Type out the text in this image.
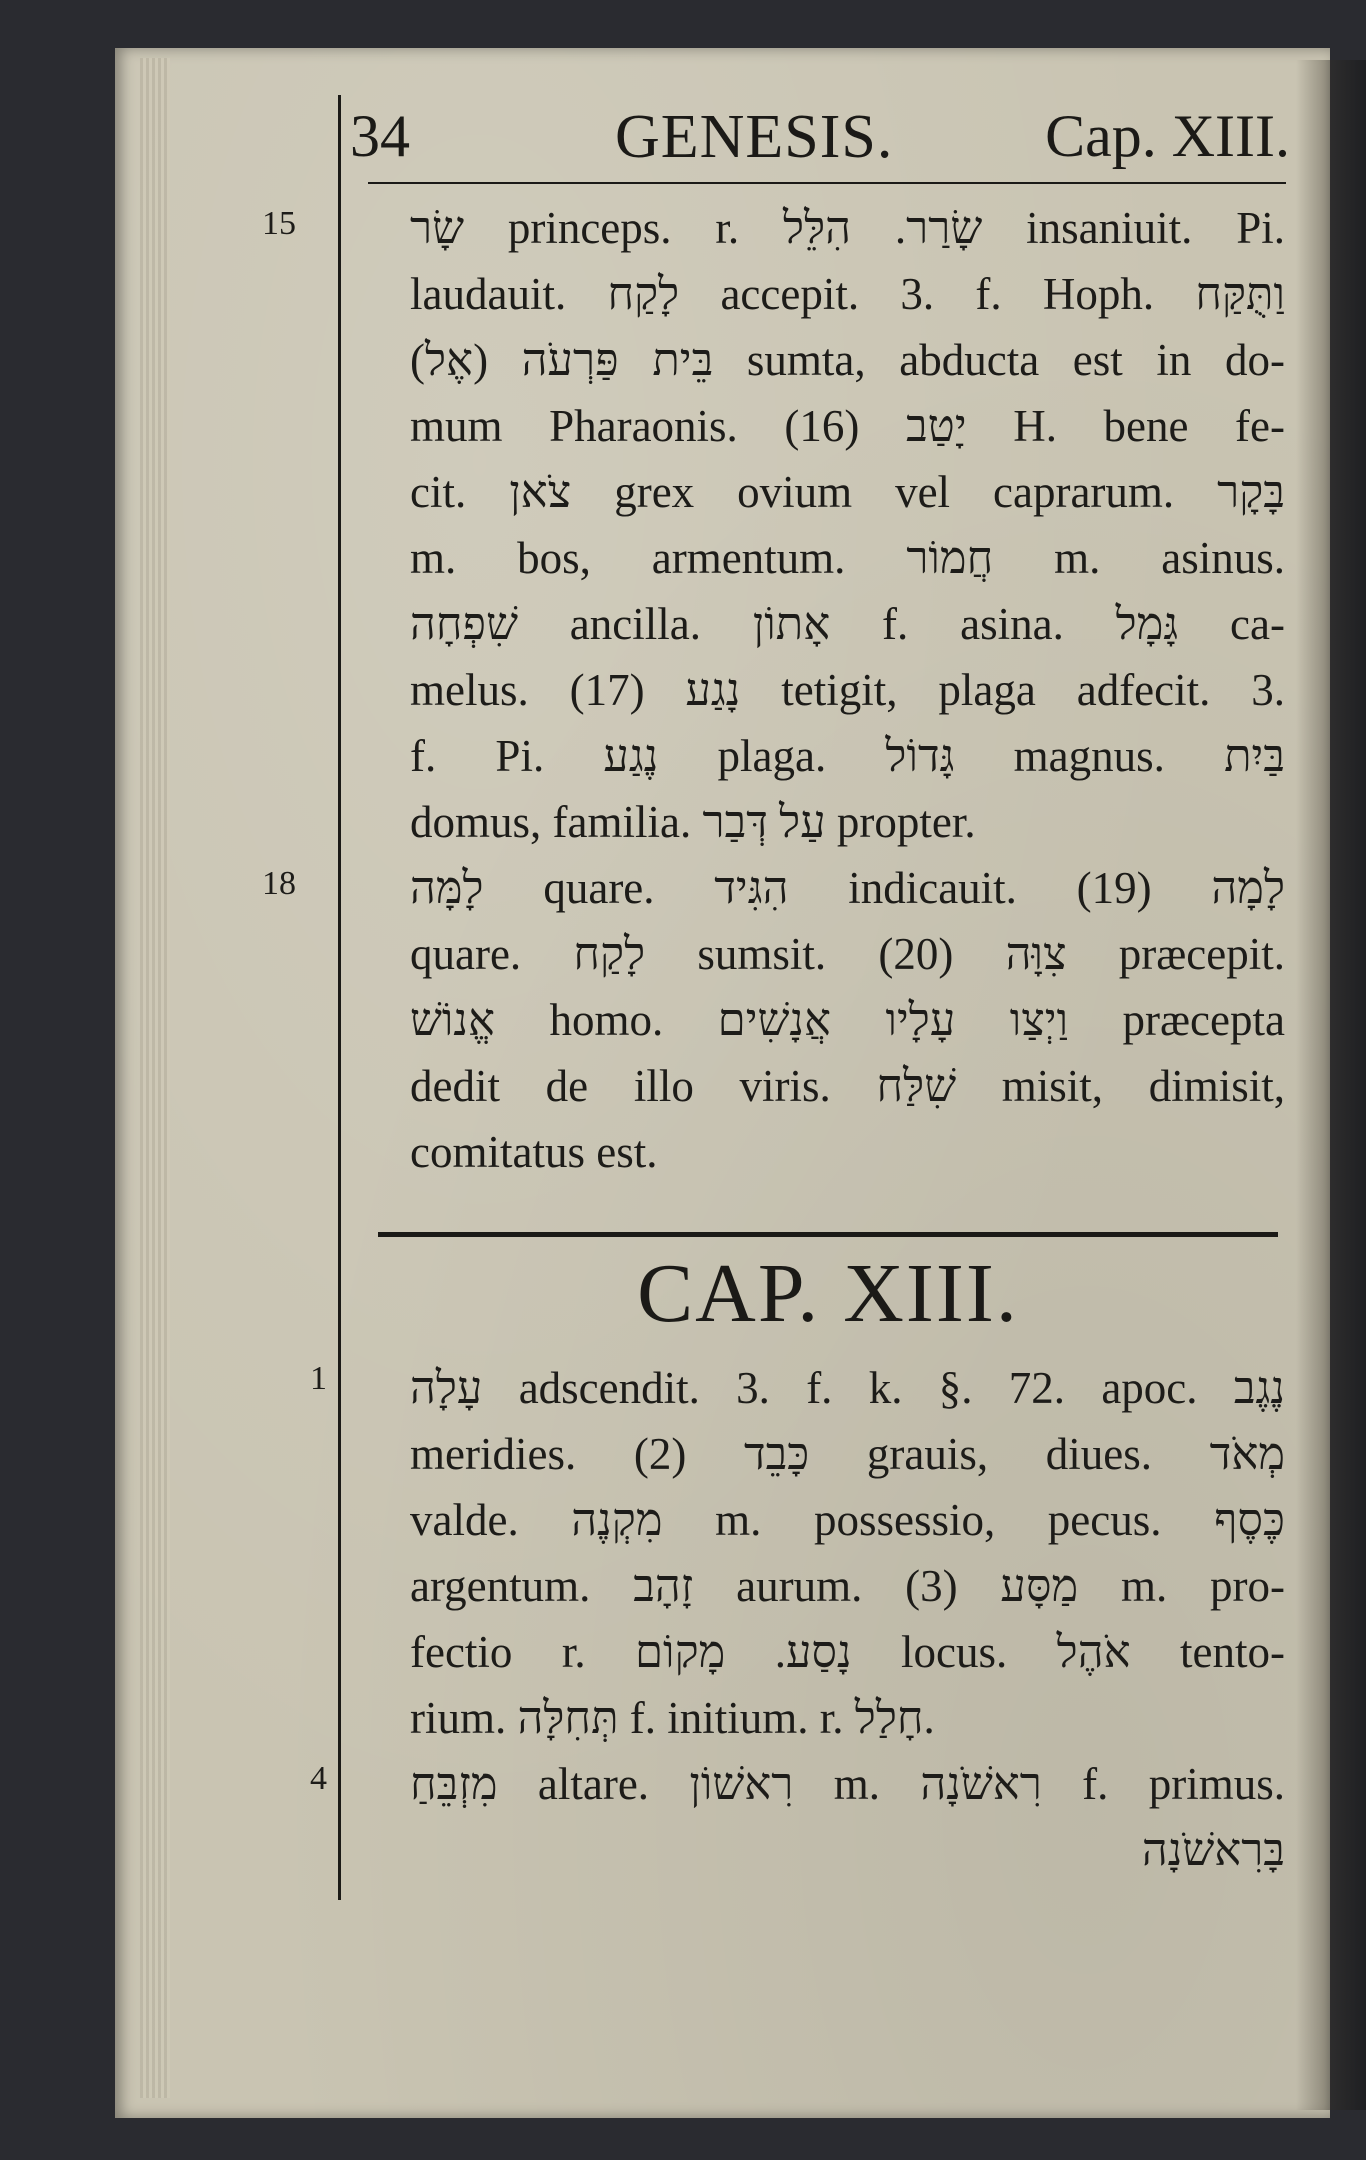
34	GENESIS.	Cap. XIII.
15
18
שָׂר princeps. r. שָׂרַר. הִלֵּל insaniuit. Pi.
laudauit. לָקַח accepit. 3. f. Hoph. וַתֻּקַּח
(אֶל) בֵּית פַּרְעֹה sumta, abducta est in do-
mum Pharaonis. (16) יָטַב H. bene fe-
cit. צֹאן grex ovium vel caprarum. בָּקָר
m. bos, armentum. חֲמוֹר m. asinus.
שִׁפְחָה ancilla. אָתוֹן f. asina. גָּמָל ca-
melus. (17) נָגַע tetigit, plaga adfecit. 3.
f. Pi. נֶגַע plaga. גָּדוֹל magnus. בַּיִת
domus, familia. עַל דְּבַר propter.
לָמָּה quare. הִגִּיד indicauit. (19) לָמָה
quare. לָקַח sumsit. (20) צִוָּה præcepit.
אֱנוֹשׁ homo. וַיְצַו עָלָיו אֲנָשִׁים præcepta
dedit de illo viris. שִׁלַּח misit, dimisit,
comitatus est.
CAP. XIII.
1
4
עָלָה adscendit. 3. f. k. §. 72. apoc. נֶגֶב
meridies. (2) כָּבֵד grauis, diues. מְאֹד
valde. מִקְנֶה m. possessio, pecus. כֶּסֶף
argentum. זָהָב aurum. (3) מַסָּע m. pro-
fectio r. נָסַע. מָקוֹם locus. אֹהֶל tento-
rium. תְּחִלָּה f. initium. r. חָלַל.
מִזְבֵּחַ altare. רִאשׁוֹן m. רִאשֹׁנָה f. primus.
בָּרִאשֹׁנָה
